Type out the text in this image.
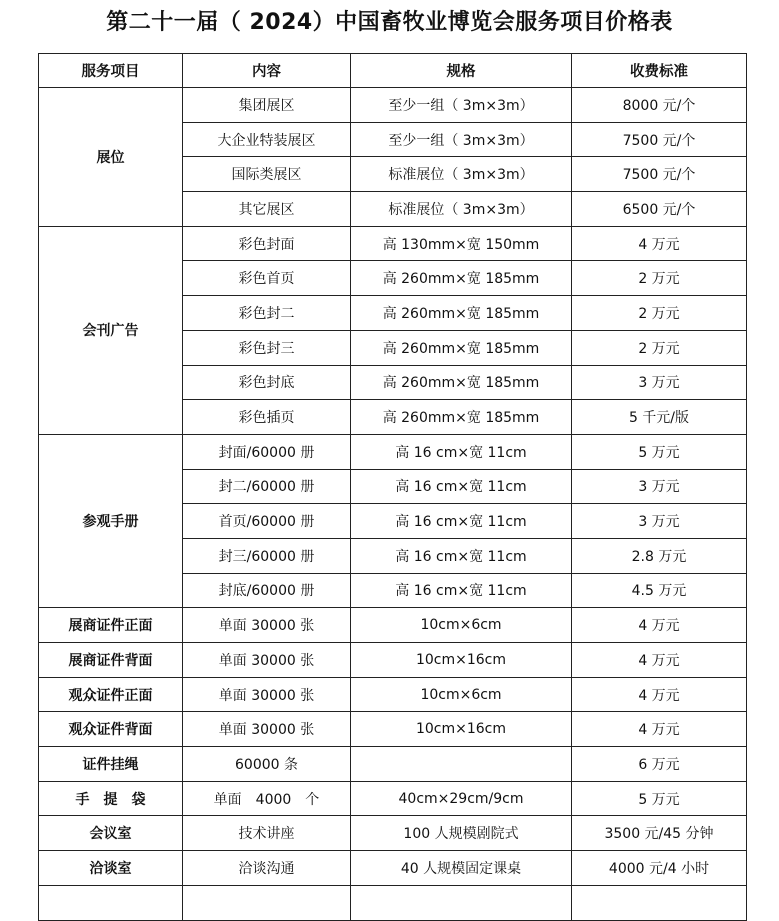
第二十一届（ 2024）中国畜牧业博览会服务项目价格表
服务项目	内容	规格	收费标准
展位	集团展区	至少一组（ 3m×3m）	8000 元/个
	大企业特装展区	至少一组（ 3m×3m）	7500 元/个
	国际类展区	标准展位（ 3m×3m）	7500 元/个
	其它展区	标准展位（ 3m×3m）	6500 元/个
会刊广告	彩色封面	高 130mm×宽 150mm	4 万元
	彩色首页	高 260mm×宽 185mm	2 万元
	彩色封二	高 260mm×宽 185mm	2 万元
	彩色封三	高 260mm×宽 185mm	2 万元
	彩色封底	高 260mm×宽 185mm	3 万元
	彩色插页	高 260mm×宽 185mm	5 千元/版
参观手册	封面/60000 册	高 16 cm×宽 11cm	5 万元
	封二/60000 册	高 16 cm×宽 11cm	3 万元
	首页/60000 册	高 16 cm×宽 11cm	3 万元
	封三/60000 册	高 16 cm×宽 11cm	2.8 万元
	封底/60000 册	高 16 cm×宽 11cm	4.5 万元
展商证件正面	单面 30000 张	10cm×6cm	4 万元
展商证件背面	单面 30000 张	10cm×16cm	4 万元
观众证件正面	单面 30000 张	10cm×6cm	4 万元
观众证件背面	单面 30000 张	10cm×16cm	4 万元
证件挂绳	60000 条		6 万元
手　提　袋	单面　4000　个	40cm×29cm/9cm	5 万元
会议室	技术讲座	100 人规模剧院式	3500 元/45 分钟
洽谈室	洽谈沟通	40 人规模固定课桌	4000 元/4 小时
